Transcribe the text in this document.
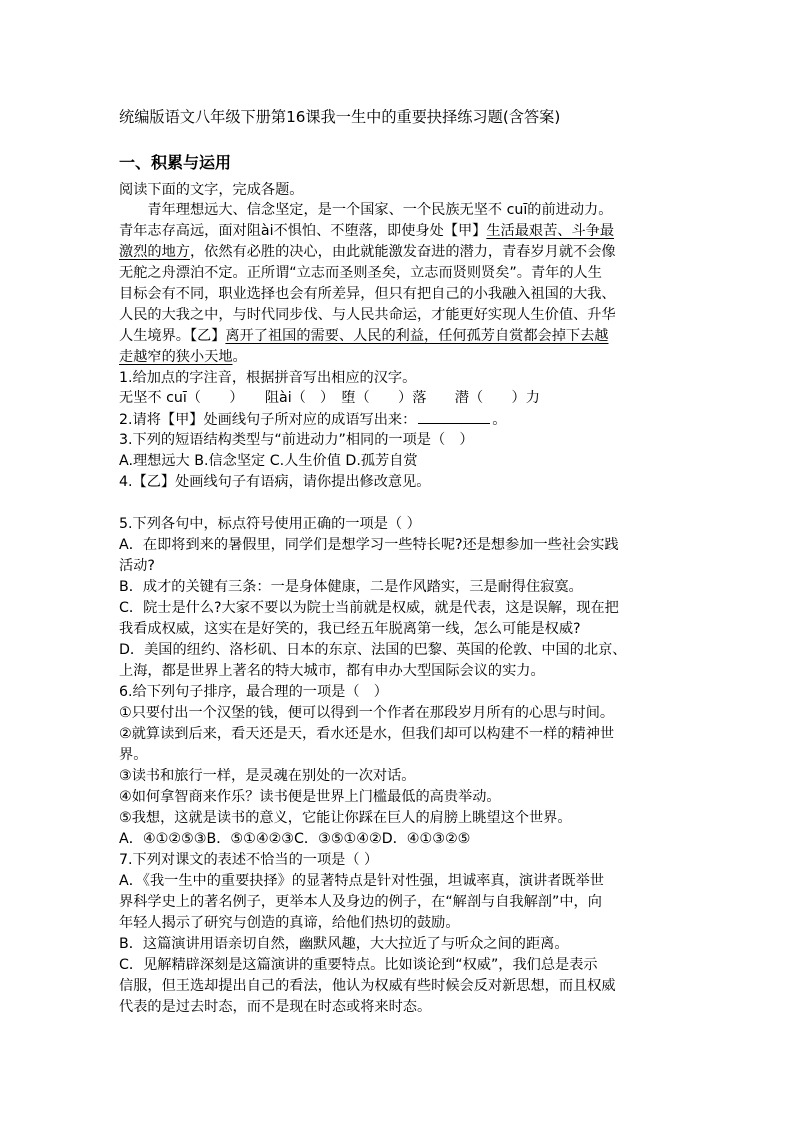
统编版语文八年级下册第16课我一生中的重要抉择练习题(含答案)
一、积累与运用
阅读下面的文字，完成各题。
　　青年理想远大、信念坚定，是一个国家、一个民族无坚不 cuī的前进动力。
青年志存高远，面对阻ài不惧怕、不堕落，即使身处【甲】生活最艰苦、斗争最
激烈的地方，依然有必胜的决心，由此就能激发奋进的潜力，青春岁月就不会像
无舵之舟漂泊不定。正所谓“立志而圣则圣矣，立志而贤则贤矣”。青年的人生
目标会有不同，职业选择也会有所差异，但只有把自己的小我融入祖国的大我、
人民的大我之中，与时代同步伐、与人民共命运，才能更好实现人生价值、升华
人生境界。【乙】离开了祖国的需要、人民的利益，任何孤芳自赏都会掉下去越
走越窄的狭小天地。
1.给加点的字注音，根据拼音写出相应的汉字。
无坚不 cuī（　　）　　阻ài（　）　堕（　　）落　　潜（　　）力
2.请将【甲】处画线句子所对应的成语写出来：	。
3.下列的短语结构类型与“前进动力”相同的一项是（　）
A.理想远大 B.信念坚定 C.人生价值 D.孤芳自赏
4.【乙】处画线句子有语病，请你提出修改意见。
5.下列各句中，标点符号使用正确的一项是（ ）
A．在即将到来的暑假里，同学们是想学习一些特长呢?还是想参加一些社会实践
活动?
B．成才的关键有三条：一是身体健康，二是作风踏实，三是耐得住寂寞。
C．院士是什么?大家不要以为院士当前就是权威，就是代表，这是误解，现在把
我看成权威，这实在是好笑的，我已经五年脱离第一线，怎么可能是权威?
D．美国的纽约、洛杉矶、日本的东京、法国的巴黎、英国的伦敦、中国的北京、
上海，都是世界上著名的特大城市，都有申办大型国际会议的实力。
6.给下列句子排序，最合理的一项是（　）
①只要付出一个汉堡的钱，便可以得到一个作者在那段岁月所有的心思与时间。
②就算读到后来，看天还是天，看水还是水，但我们却可以构建不一样的精神世
界。
③读书和旅行一样，是灵魂在别处的一次对话。
④如何拿智商来作乐？读书便是世界上门槛最低的高贵举动。
⑤我想，这就是读书的意义，它能让你踩在巨人的肩膀上眺望这个世界。
A．④①②⑤③B．⑤①④②③C．③⑤①④②D．④①③②⑤
7.下列对课文的表述不恰当的一项是（ ）
A．《我一生中的重要抉择》的显著特点是针对性强，坦诚率真，演讲者既举世
界科学史上的著名例子，更举本人及身边的例子，在“解剖与自我解剖”中，向
年轻人揭示了研究与创造的真谛，给他们热切的鼓励。
B．这篇演讲用语亲切自然，幽默风趣，大大拉近了与听众之间的距离。
C．见解精辟深刻是这篇演讲的重要特点。比如谈论到“权威”，我们总是表示
信服，但王选却提出自己的看法，他认为权威有些时候会反对新思想，而且权威
代表的是过去时态，而不是现在时态或将来时态。
